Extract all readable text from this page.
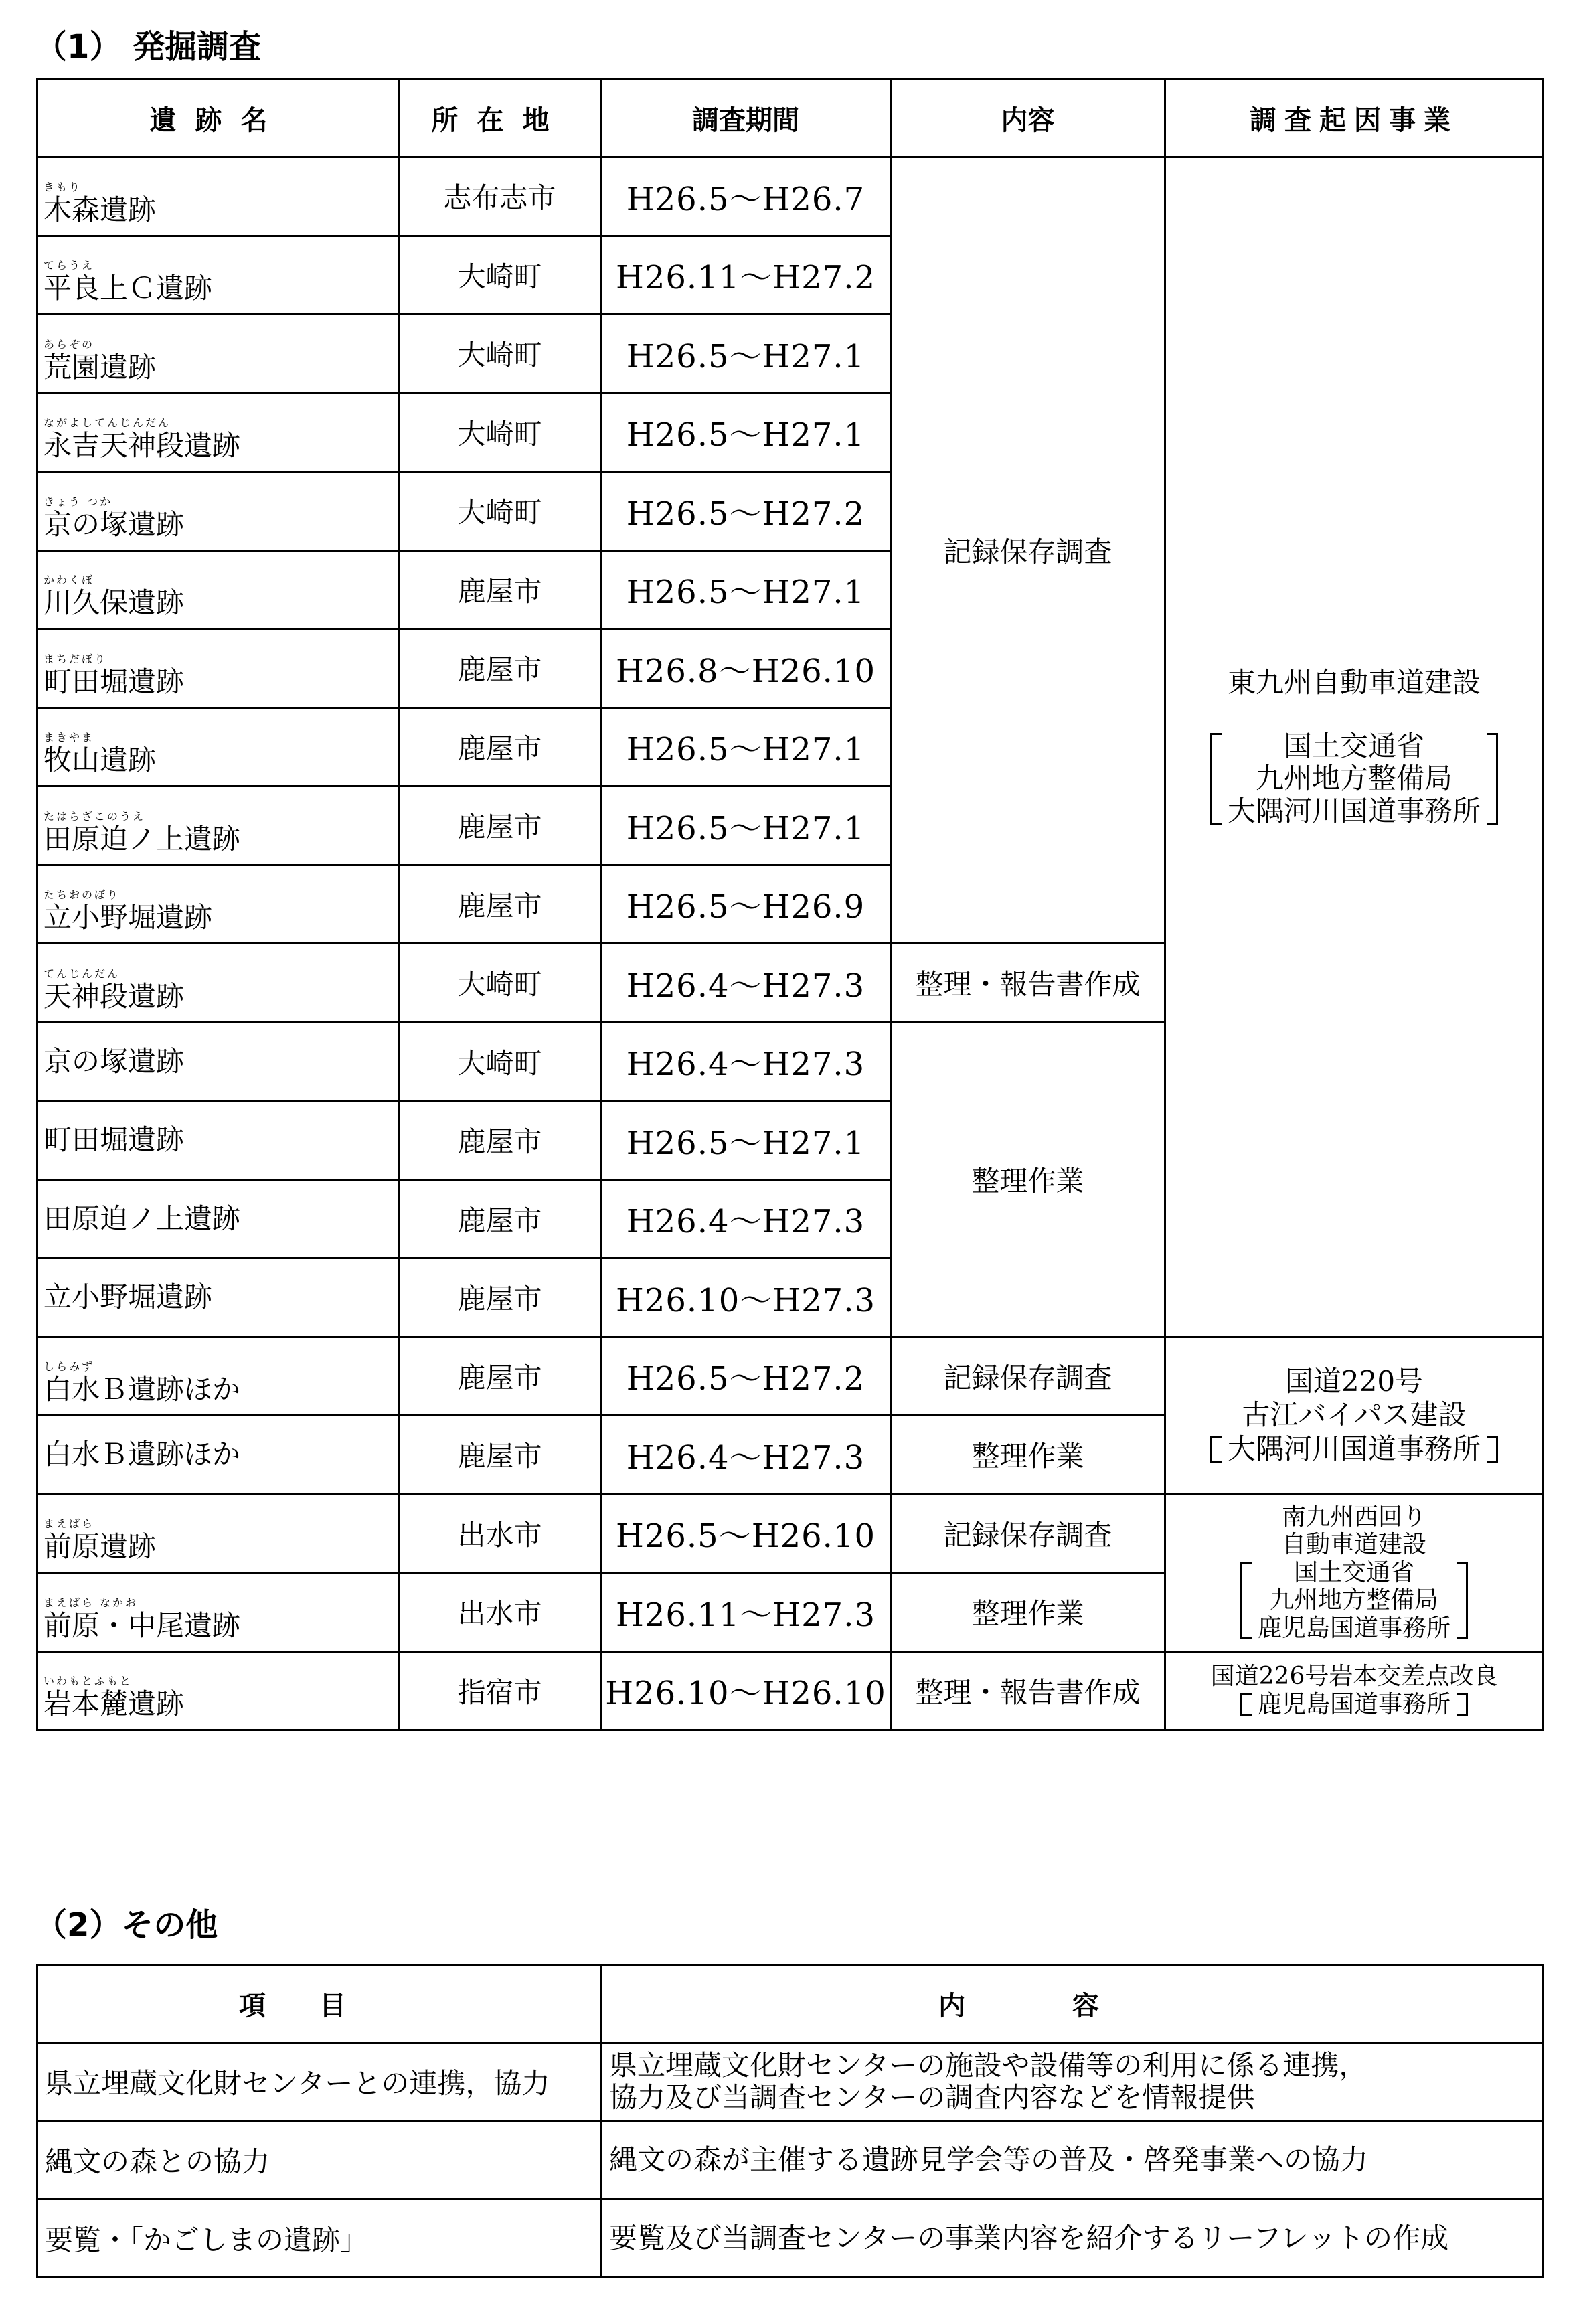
（1） 発掘調査
遺跡名	所在地	調査期間	内容	調査起因事業

きもり
木森遺跡	志布志市	H26.5～H26.7	記録保存調査	東九州自動車道建設
国土交通省
九州地方整備局
大隅河川国道事務所

てらうえ
平良上Ｃ遺跡	大崎町	H26.11～H27.2		

あらぞの
荒園遺跡	大崎町	H26.5～H27.1		

ながよしてんじんだん
永吉天神段遺跡	大崎町	H26.5～H27.1		

きょう つか
京の塚遺跡	大崎町	H26.5～H27.2		

かわくぼ
川久保遺跡	鹿屋市	H26.5～H27.1		

まちだぼり
町田堀遺跡	鹿屋市	H26.8～H26.10		

まきやま
牧山遺跡	鹿屋市	H26.5～H27.1		

たはらざこのうえ
田原迫ノ上遺跡	鹿屋市	H26.5～H27.1		

たちおのぼり
立小野堀遺跡	鹿屋市	H26.5～H26.9		

てんじんだん
天神段遺跡	大崎町	H26.4～H27.3	整理・報告書作成	

京の塚遺跡	大崎町	H26.4～H27.3	整理作業	

町田堀遺跡	鹿屋市	H26.5～H27.1		

田原迫ノ上遺跡	鹿屋市	H26.4～H27.3		

立小野堀遺跡	鹿屋市	H26.10～H27.3		

しらみず
白水Ｂ遺跡ほか	鹿屋市	H26.5～H27.2	記録保存調査	国道220号
古江バイパス建設
大隅河川国道事務所

白水Ｂ遺跡ほか	鹿屋市	H26.4～H27.3	整理作業	

まえばら
前原遺跡	出水市	H26.5～H26.10	記録保存調査	南九州西回り
自動車道建設
国土交通省
九州地方整備局
鹿児島国道事務所

まえばら なかお
前原・中尾遺跡	出水市	H26.11～H27.3	整理作業	

いわもとふもと
岩本麓遺跡	指宿市	H26.10～H26.10	整理・報告書作成	国道226号岩本交差点改良
鹿児島国道事務所
（2）その他
項目	内容
県立埋蔵文化財センターとの連携，協力	県立埋蔵文化財センターの施設や設備等の利用に係る連携，
協力及び当調査センターの調査内容などを情報提供

縄文の森との協力	縄文の森が主催する遺跡見学会等の普及・啓発事業への協力

要覧・「かごしまの遺跡」	要覧及び当調査センターの事業内容を紹介するリーフレットの作成
